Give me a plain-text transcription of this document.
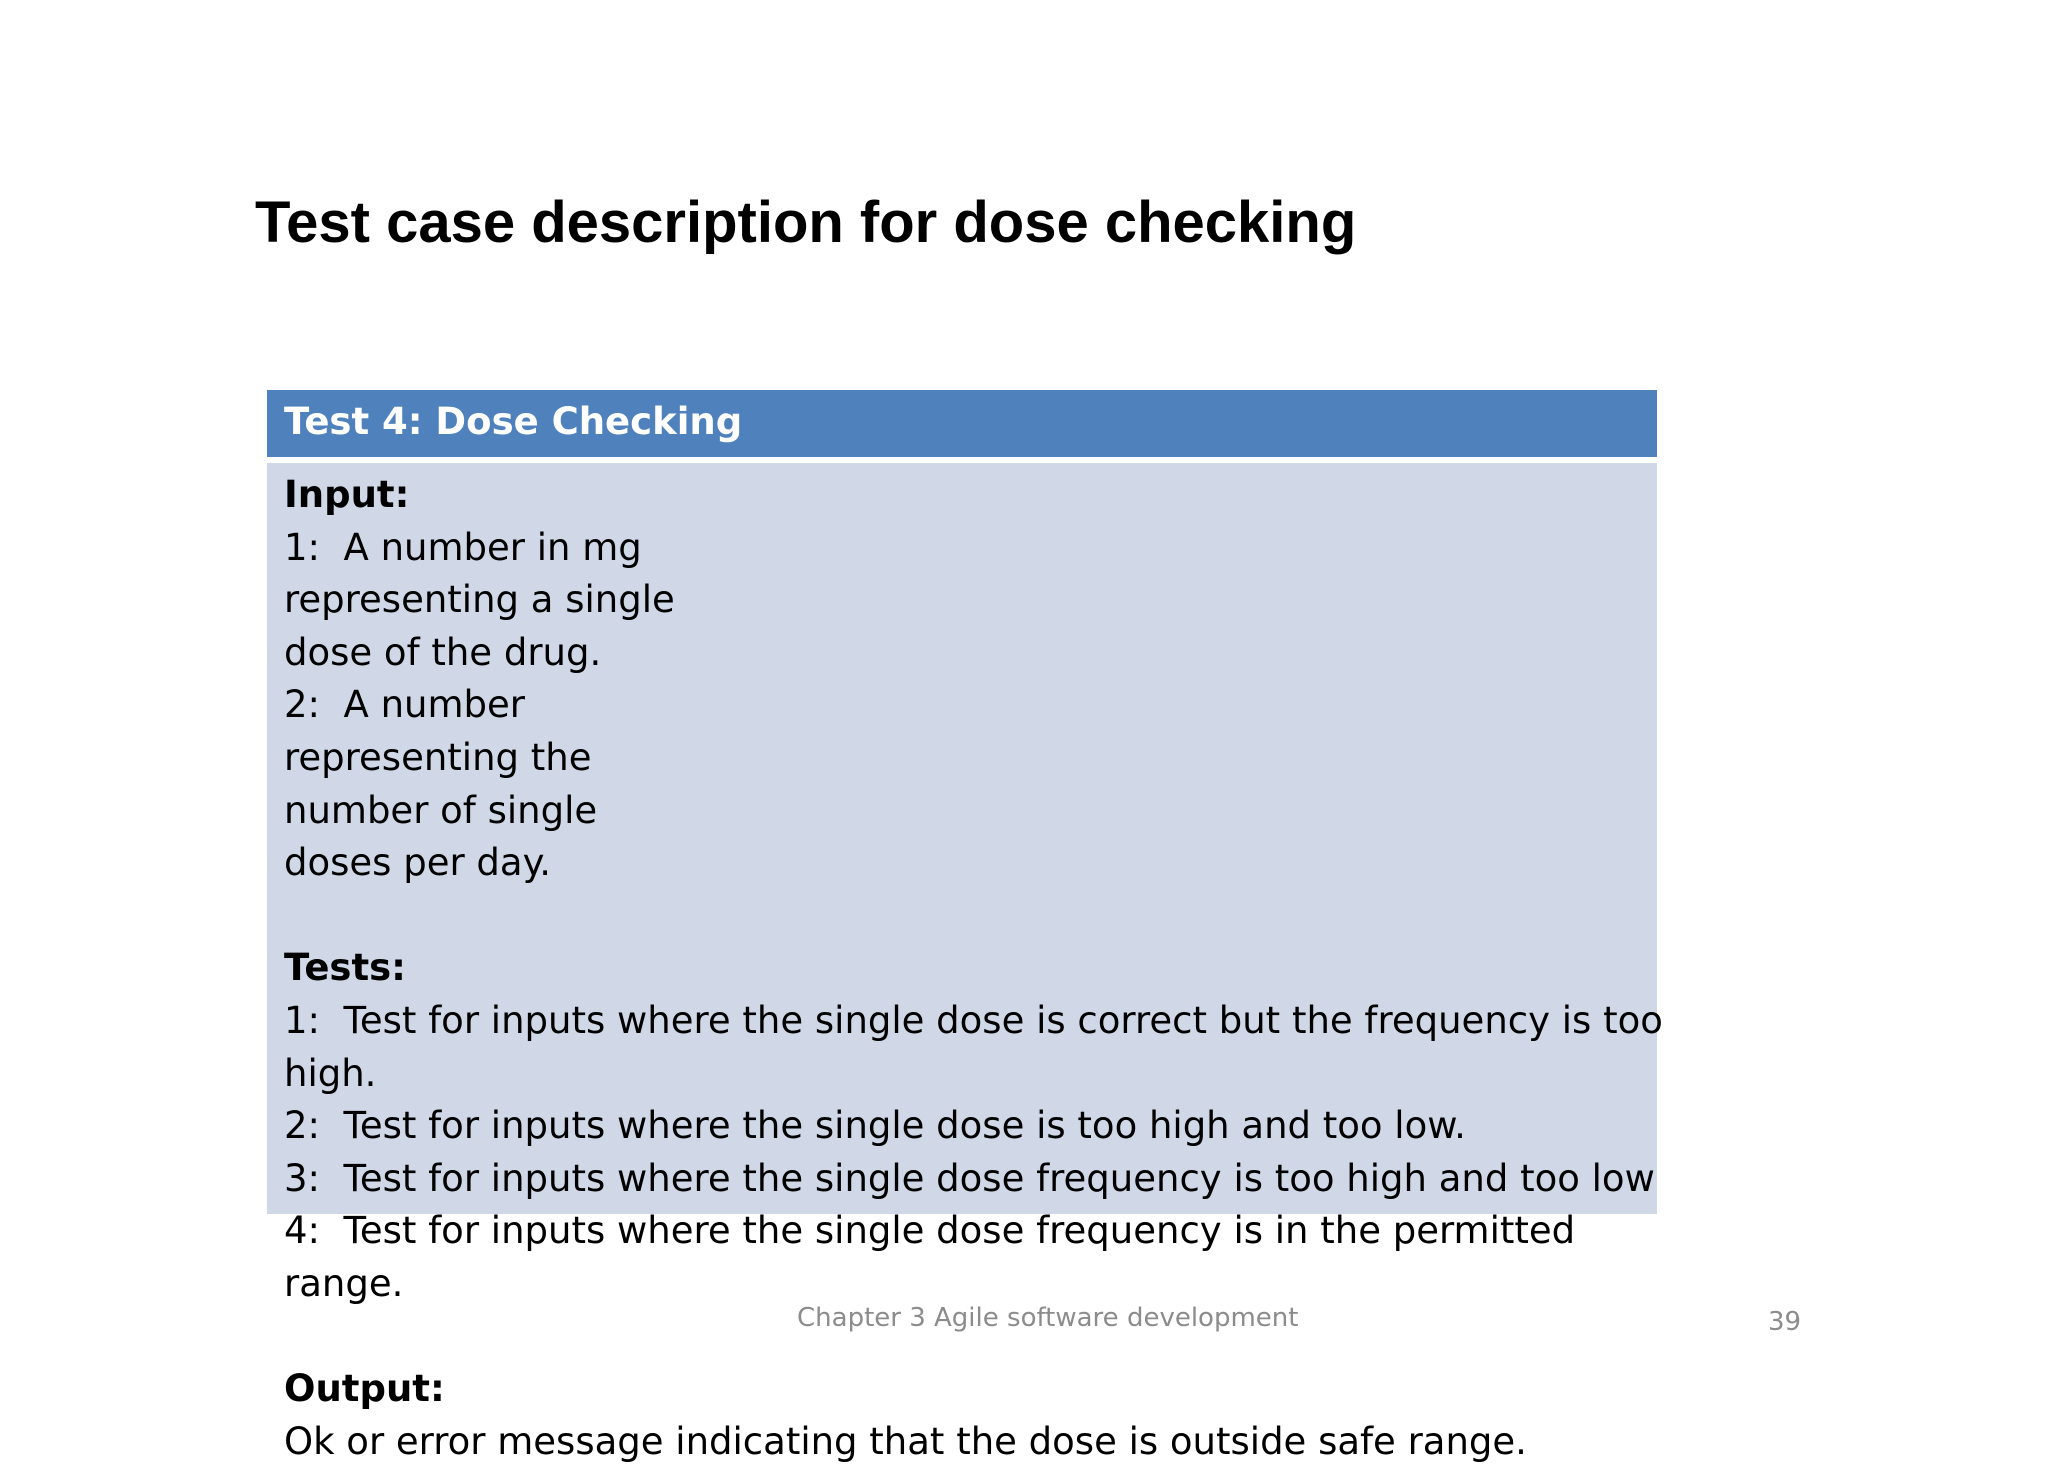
Test case description for dose checking
Test 4: Dose Checking
Input:
1:  A number in mg
representing a single
dose of the drug.
2:  A number
representing the
number of single
doses per day.
Tests:
1:  Test for inputs where the single dose is correct but the frequency is too
high.
2:  Test for inputs where the single dose is too high and too low.
3:  Test for inputs where the single dose frequency is too high and too low
4:  Test for inputs where the single dose frequency is in the permitted
range.
Output:
Ok or error message indicating that the dose is outside safe range.
Chapter 3 Agile software development	39
